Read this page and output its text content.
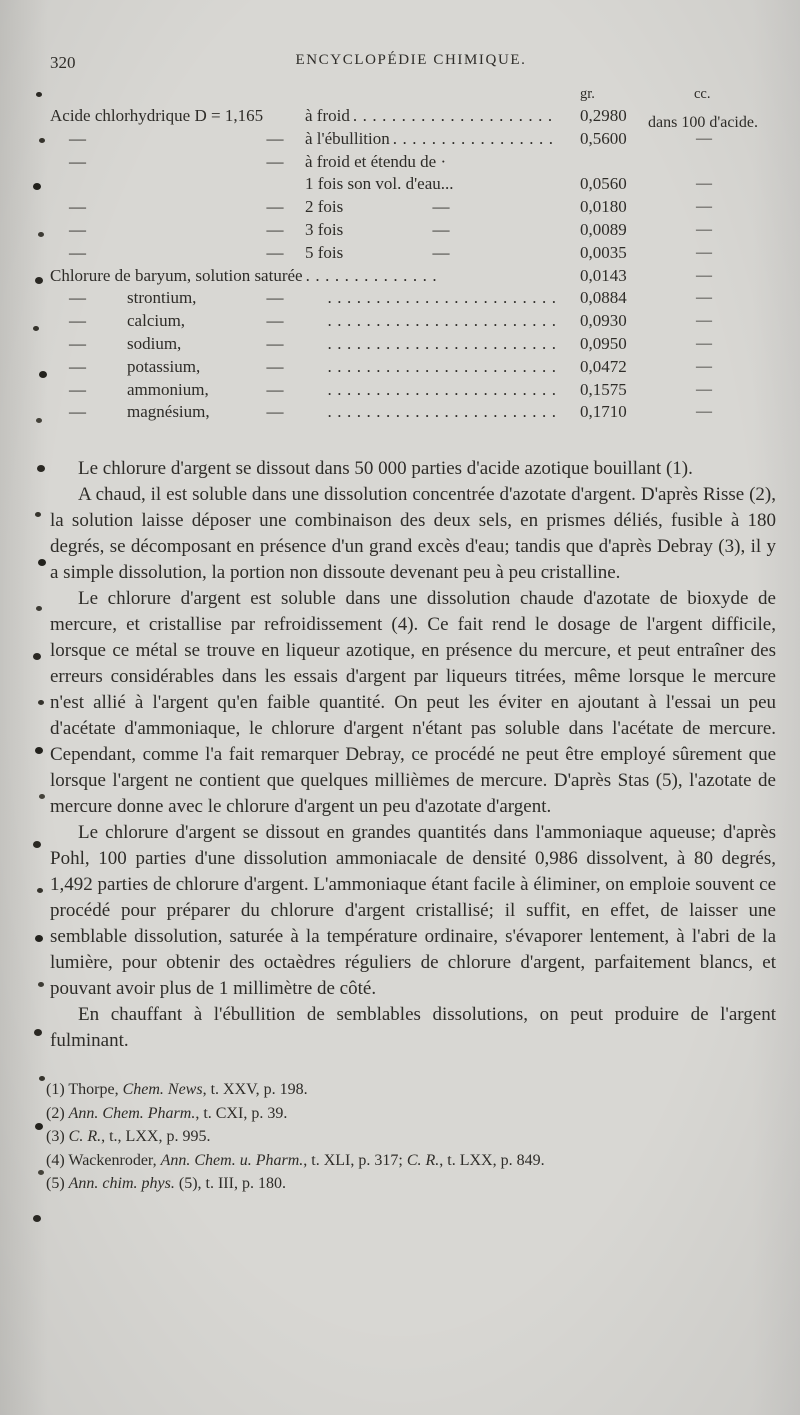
320	ENCYCLOPÉDIE CHIMIQUE.
gr.	cc.
Acide chlorhydrique D = 1,165	à froid .....................	0,2980	dans 100 d'acide.
—	—	à l'ébullition .................	0,5600	—
—	—	à froid et étendu de ·
1 fois son vol. d'eau...	0,0560	—
—	—	2 fois                     —	0,0180	—
—	—	3 fois                     —	0,0089	—
—	—	5 fois                     —	0,0035	—
Chlorure de baryum, solution saturée ..............	0,0143	—
—	strontium,	—	........................	0,0884	—
—	calcium,	—	........................	0,0930	—
—	sodium,	—	........................	0,0950	—
—	potassium,	—	........................	0,0472	—
—	ammonium,	—	........................	0,1575	—
—	magnésium,	—	........................	0,1710	—

Le chlorure d'argent se dissout dans 50 000 parties d'acide azotique bouillant (1).

A chaud, il est soluble dans une dissolution concentrée d'azotate d'argent. D'après Risse (2), la solution laisse déposer une combinaison des deux sels, en prismes déliés, fusible à 180 degrés, se décomposant en présence d'un grand excès d'eau; tandis que d'après Debray (3), il y a simple dissolution, la portion non dissoute devenant peu à peu cristalline.

Le chlorure d'argent est soluble dans une dissolution chaude d'azotate de bioxyde de mercure, et cristallise par refroidissement (4). Ce fait rend le dosage de l'argent difficile, lorsque ce métal se trouve en liqueur azotique, en présence du mercure, et peut entraîner des erreurs considérables dans les essais d'argent par liqueurs titrées, même lorsque le mercure n'est allié à l'argent qu'en faible quantité. On peut les éviter en ajoutant à l'essai un peu d'acétate d'ammoniaque, le chlorure d'argent n'étant pas soluble dans l'acétate de mercure. Cependant, comme l'a fait remarquer Debray, ce procédé ne peut être employé sûrement que lorsque l'argent ne contient que quelques millièmes de mercure. D'après Stas (5), l'azotate de mercure donne avec le chlorure d'argent un peu d'azotate d'argent.

Le chlorure d'argent se dissout en grandes quantités dans l'ammoniaque aqueuse; d'après Pohl, 100 parties d'une dissolution ammoniacale de densité 0,986 dissolvent, à 80 degrés, 1,492 parties de chlorure d'argent. L'ammoniaque étant facile à éliminer, on emploie souvent ce procédé pour préparer du chlorure d'argent cristallisé; il suffit, en effet, de laisser une semblable dissolution, saturée à la température ordinaire, s'évaporer lentement, à l'abri de la lumière, pour obtenir des octaèdres réguliers de chlorure d'argent, parfaitement blancs, et pouvant avoir plus de 1 millimètre de côté.

En chauffant à l'ébullition de semblables dissolutions, on peut produire de l'argent fulminant.

(1) Thorpe, Chem. News, t. XXV, p. 198.
(2) Ann. Chem. Pharm., t. CXI, p. 39.
(3) C. R., t., LXX, p. 995.
(4) Wackenroder, Ann. Chem. u. Pharm., t. XLI, p. 317; C. R., t. LXX, p. 849.
(5) Ann. chim. phys. (5), t. III, p. 180.
